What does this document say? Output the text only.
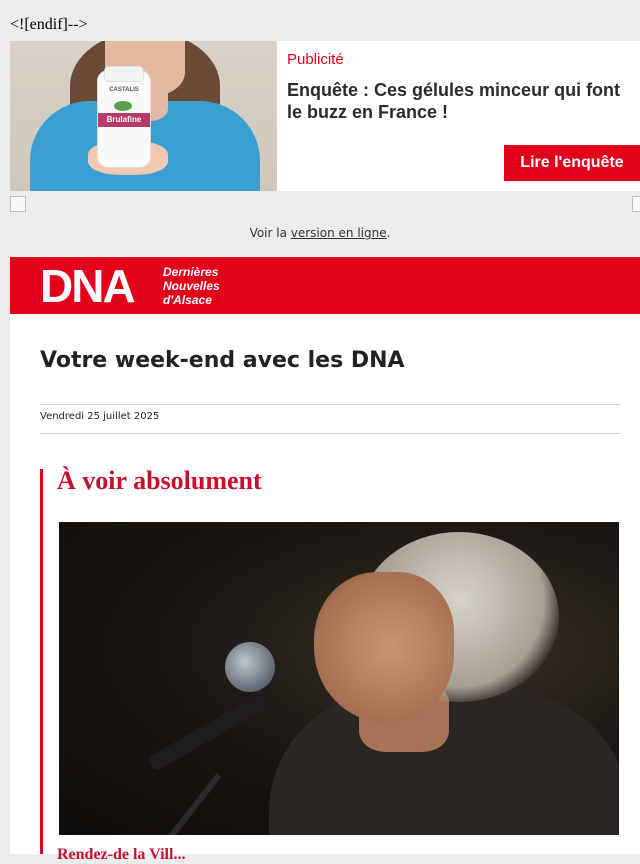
<![endif]-->
CASTALIS
Brulafine
Publicité
Enquête : Ces gélules minceur qui font le buzz en France !
Lire l'enquête
Voir la version en ligne.
DNA Dernières
Nouvelles
d'Alsace
Votre week-end avec les DNA
Vendredi 25 juillet 2025
À voir absolument
Rendez-de la Vill...
